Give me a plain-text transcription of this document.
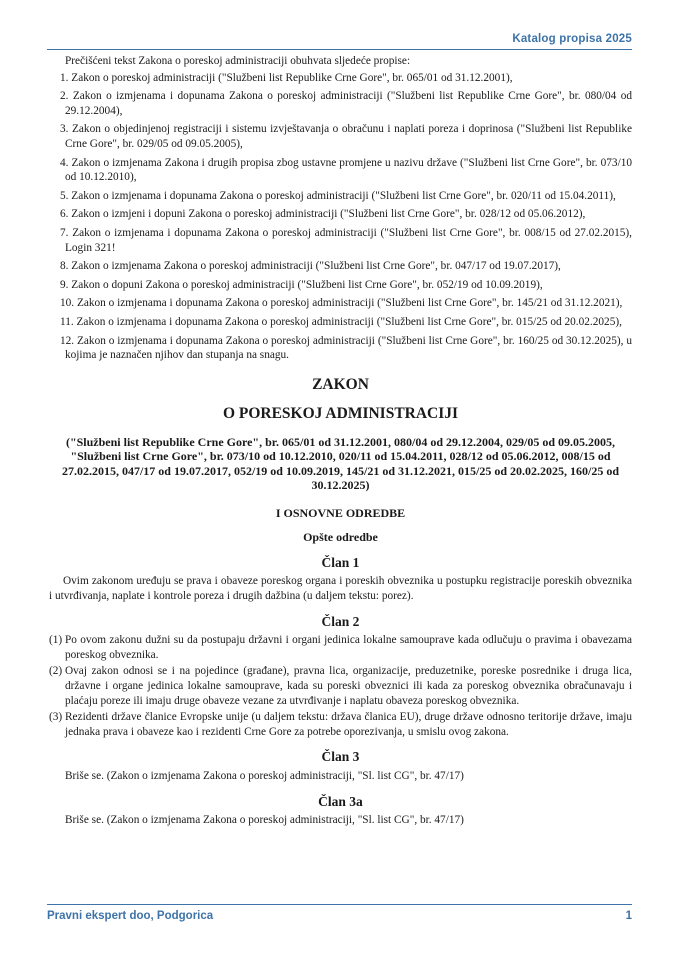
Katalog propisa 2025

Prečišćeni tekst Zakona o poreskoj administraciji obuhvata sljedeće propise:

1. Zakon o poreskoj administraciji ("Službeni list Republike Crne Gore", br. 065/01 od 31.12.2001),

2. Zakon o izmjenama i dopunama Zakona o poreskoj administraciji ("Službeni list Republike Crne Gore", br. 080/04 od 29.12.2004),

3. Zakon o objedinjenoj registraciji i sistemu izvještavanja o obračunu i naplati poreza i doprinosa ("Službeni list Republike Crne Gore", br. 029/05 od 09.05.2005),

4. Zakon o izmjenama Zakona i drugih propisa zbog ustavne promjene u nazivu države ("Službeni list Crne Gore", br. 073/10 od 10.12.2010),

5. Zakon o izmjenama i dopunama Zakona o poreskoj administraciji ("Službeni list Crne Gore", br. 020/11 od 15.04.2011),

6. Zakon o izmjeni i dopuni Zakona o poreskoj administraciji ("Službeni list Crne Gore", br. 028/12 od 05.06.2012),

7. Zakon o izmjenama i dopunama Zakona o poreskoj administraciji ("Službeni list Crne Gore", br. 008/15 od 27.02.2015), Login 321!

8. Zakon o izmjenama Zakona o poreskoj administraciji ("Službeni list Crne Gore", br. 047/17 od 19.07.2017),

9. Zakon o dopuni Zakona o poreskoj administraciji ("Službeni list Crne Gore", br. 052/19 od 10.09.2019),

10. Zakon o izmjenama i dopunama Zakona o poreskoj administraciji ("Službeni list Crne Gore", br. 145/21 od 31.12.2021),

11. Zakon o izmjenama i dopunama Zakona o poreskoj administraciji ("Službeni list Crne Gore", br. 015/25 od 20.02.2025),

12. Zakon o izmjenama i dopunama Zakona o poreskoj administraciji ("Službeni list Crne Gore", br. 160/25 od 30.12.2025), u kojima je naznačen njihov dan stupanja na snagu.

ZAKON
O PORESKOJ ADMINISTRACIJI
("Službeni list Republike Crne Gore", br. 065/01 od 31.12.2001, 080/04 od 29.12.2004, 029/05 od 09.05.2005, "Službeni list Crne Gore", br. 073/10 od 10.12.2010, 020/11 od 15.04.2011, 028/12 od 05.06.2012, 008/15 od 27.02.2015, 047/17 od 19.07.2017, 052/19 od 10.09.2019, 145/21 od 31.12.2021, 015/25 od 20.02.2025, 160/25 od 30.12.2025)
I OSNOVNE ODREDBE
Opšte odredbe
Član 1

Ovim zakonom uređuju se prava i obaveze poreskog organa i poreskih obveznika u postupku registracije poreskih obveznika i utvrđivanja, naplate i kontrole poreza i drugih dažbina (u daljem tekstu: porez).

Član 2
(1) Po ovom zakonu dužni su da postupaju državni i organi jedinica lokalne samouprave kada odlučuju o pravima i obavezama poreskog obveznika.
(2) Ovaj zakon odnosi se i na pojedince (građane), pravna lica, organizacije, preduzetnike, poreske posrednike i druga lica, državne i organe jedinica lokalne samouprave, kada su poreski obveznici ili kada za poreskog obveznika obračunavaju i plaćaju poreze ili imaju druge obaveze vezane za utvrđivanje i naplatu obaveza poreskog obveznika.
(3) Rezidenti države članice Evropske unije (u daljem tekstu: država članica EU), druge države odnosno teritorije države, imaju jednaka prava i obaveze kao i rezidenti Crne Gore za potrebe oporezivanja, u smislu ovog zakona.
Član 3

Briše se. (Zakon o izmjenama Zakona o poreskoj administraciji, "Sl. list CG", br. 47/17)

Član 3a

Briše se. (Zakon o izmjenama Zakona o poreskoj administraciji, "Sl. list CG", br. 47/17)

Pravni ekspert doo, Podgorica	1
